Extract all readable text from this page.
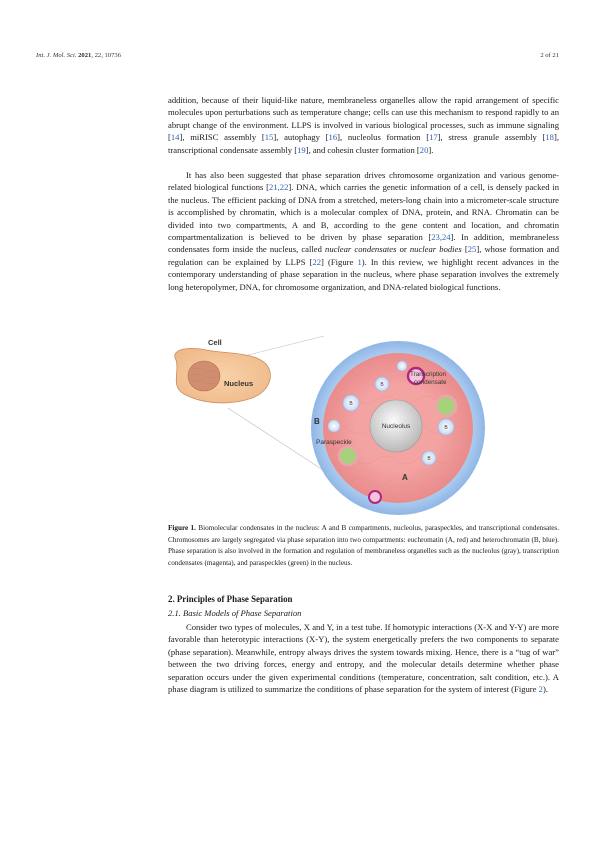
Int. J. Mol. Sci. 2021, 22, 10736	2 of 21

addition, because of their liquid-like nature, membraneless organelles allow the rapid arrangement of specific molecules upon perturbations such as temperature change; cells can use this mechanism to respond rapidly to an abrupt change of the environment. LLPS is involved in various biological processes, such as immune signaling [14], miRISC assembly [15], autophagy [16], nucleolus formation [17], stress granule assembly [18], transcriptional condensate assembly [19], and cohesin cluster formation [20].

It has also been suggested that phase separation drives chromosome organization and various genome-related biological functions [21,22]. DNA, which carries the genetic information of a cell, is densely packed in the nucleus. The efficient packing of DNA from a stretched, meters-long chain into a micrometer-scale structure is accomplished by chromatin, which is a molecular complex of DNA, protein, and RNA. Chromatin can be divided into two compartments, A and B, according to the gene content and location, and chromatin compartmentalization is believed to be driven by phase separation [23,24]. In addition, membraneless condensates form inside the nucleus, called nuclear condensates or nuclear bodies [25], whose formation and regulation can be explained by LLPS [22] (Figure 1). In this review, we highlight recent advances in the contemporary understanding of phase separation in the nucleus, where phase separation involves the extremely long heteropolymer, DNA, for chromosome organization, and DNA-related biological functions.

Cell
Nucleus
Nucleolus
Transcription
condensate
Paraspeckle
B
B
B
B
B
A

Figure 1. Biomolecular condensates in the nucleus: A and B compartments, nucleolus, paraspeckles, and transcriptional condensates. Chromosomes are largely segregated via phase separation into two compartments: euchromatin (A, red) and heterochromatin (B, blue). Phase separation is also involved in the formation and regulation of membraneless organelles such as the nucleolus (gray), transcription condensates (magenta), and paraspeckles (green) in the nucleus.

2. Principles of Phase Separation
2.1. Basic Models of Phase Separation

Consider two types of molecules, X and Y, in a test tube. If homotypic interactions (X-X and Y-Y) are more favorable than heterotypic interactions (X-Y), the system energetically prefers the two components to separate (phase separation). Meanwhile, entropy always drives the system towards mixing. Hence, there is a “tug of war” between the two driving forces, energy and entropy, and the molecular details determine whether phase separation occurs under the given experimental conditions (temperature, concentration, salt condition, etc.). A phase diagram is utilized to summarize the conditions of phase separation for the system of interest (Figure 2).
